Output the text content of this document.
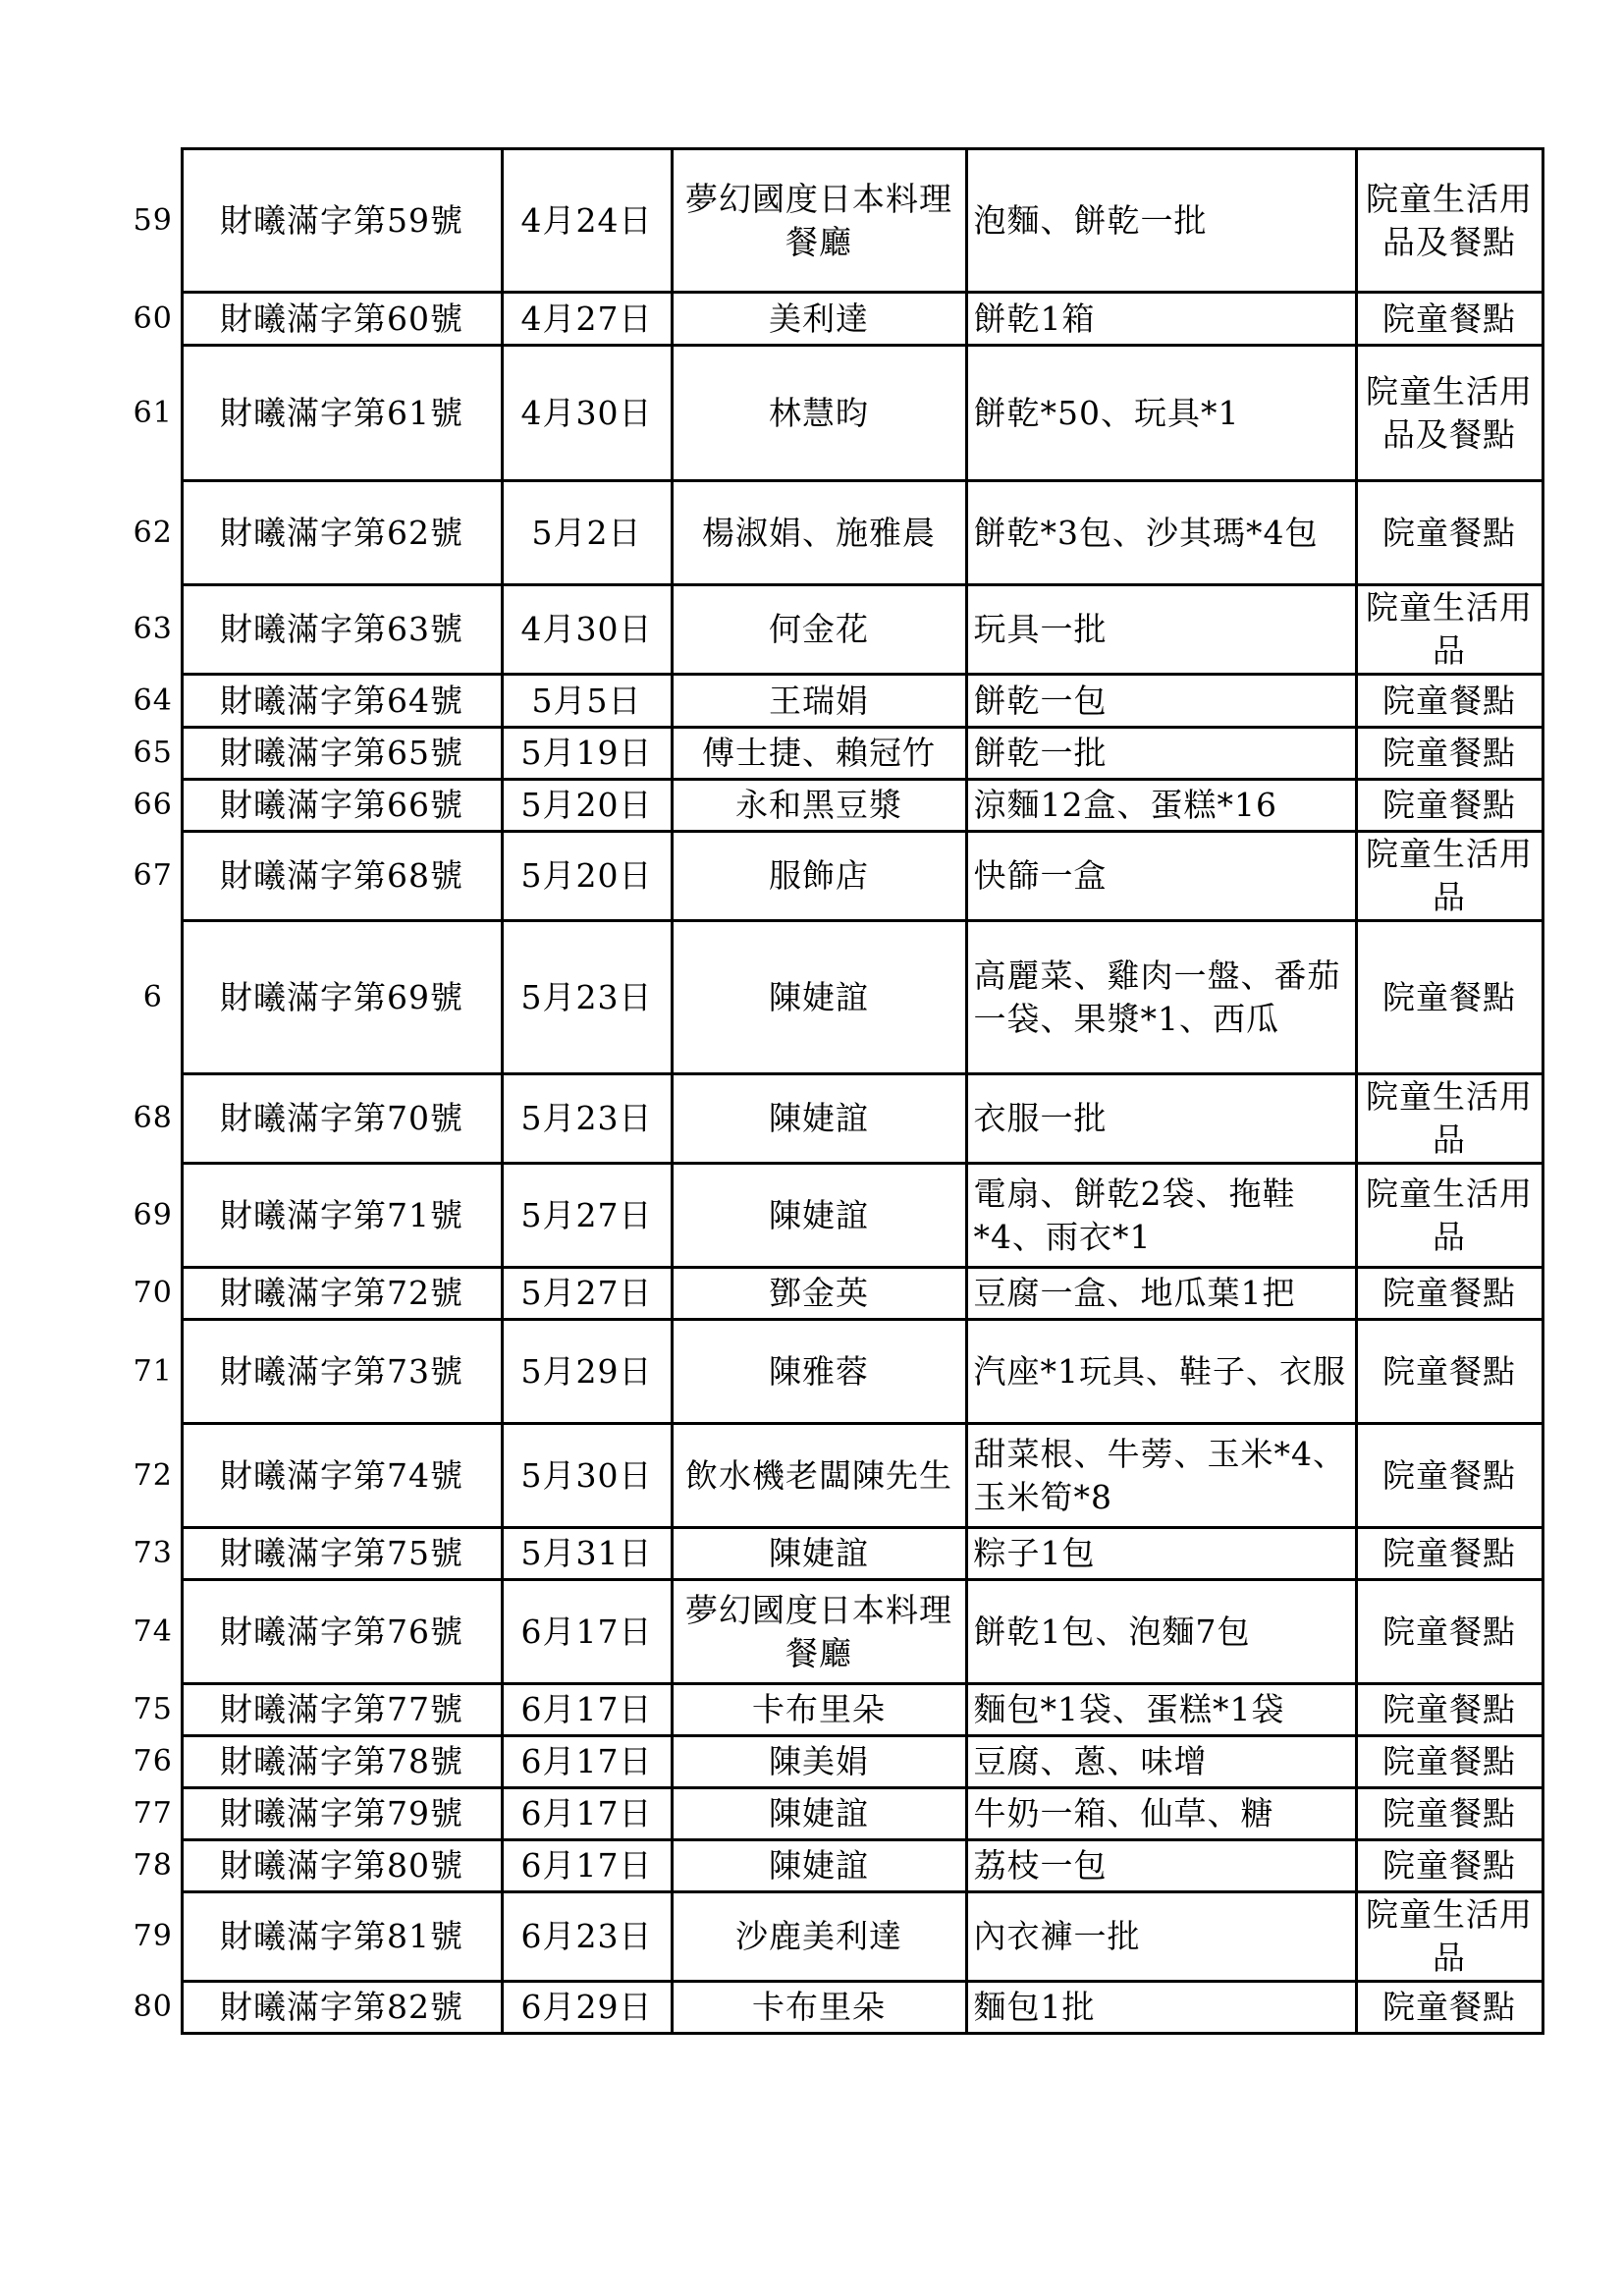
59	財曦滿字第59號	4月24日	夢幻國度日本料理餐廳	泡麵、餅乾一批	院童生活用品及餐點
60	財曦滿字第60號	4月27日	美利達	餅乾1箱	院童餐點
61	財曦滿字第61號	4月30日	林慧昀	餅乾*50、玩具*1	院童生活用品及餐點
62	財曦滿字第62號	5月2日	楊淑娟、施雅晨	餅乾*3包、沙其瑪*4包	院童餐點
63	財曦滿字第63號	4月30日	何金花	玩具一批	院童生活用品
64	財曦滿字第64號	5月5日	王瑞娟	餅乾一包	院童餐點
65	財曦滿字第65號	5月19日	傅士捷、賴冠竹	餅乾一批	院童餐點
66	財曦滿字第66號	5月20日	永和黑豆漿	涼麵12盒、蛋糕*16	院童餐點
67	財曦滿字第68號	5月20日	服飾店	快篩一盒	院童生活用品
6	財曦滿字第69號	5月23日	陳婕誼	高麗菜、雞肉一盤、番茄一袋、果漿*1、西瓜	院童餐點
68	財曦滿字第70號	5月23日	陳婕誼	衣服一批	院童生活用品
69	財曦滿字第71號	5月27日	陳婕誼	電扇、餅乾2袋、拖鞋*4、雨衣*1	院童生活用品
70	財曦滿字第72號	5月27日	鄧金英	豆腐一盒、地瓜葉1把	院童餐點
71	財曦滿字第73號	5月29日	陳雅蓉	汽座*1玩具、鞋子、衣服	院童餐點
72	財曦滿字第74號	5月30日	飲水機老闆陳先生	甜菜根、牛蒡、玉米*4、玉米筍*8	院童餐點
73	財曦滿字第75號	5月31日	陳婕誼	粽子1包	院童餐點
74	財曦滿字第76號	6月17日	夢幻國度日本料理餐廳	餅乾1包、泡麵7包	院童餐點
75	財曦滿字第77號	6月17日	卡布里朵	麵包*1袋、蛋糕*1袋	院童餐點
76	財曦滿字第78號	6月17日	陳美娟	豆腐、蔥、味增	院童餐點
77	財曦滿字第79號	6月17日	陳婕誼	牛奶一箱、仙草、糖	院童餐點
78	財曦滿字第80號	6月17日	陳婕誼	荔枝一包	院童餐點
79	財曦滿字第81號	6月23日	沙鹿美利達	內衣褲一批	院童生活用品
80	財曦滿字第82號	6月29日	卡布里朵	麵包1批	院童餐點
